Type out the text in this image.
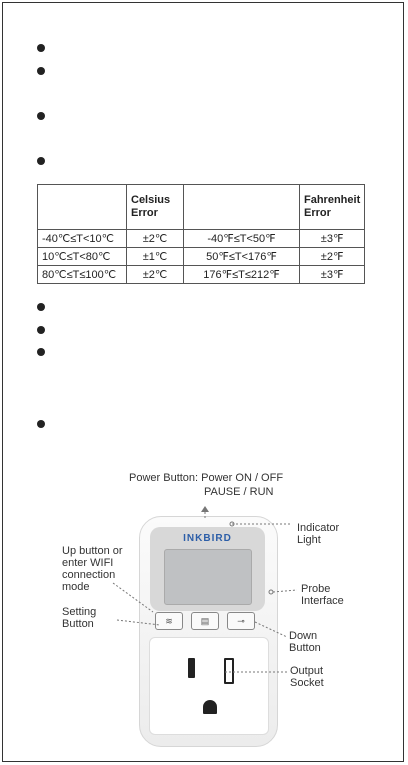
	Celsius Error		Fahrenheit Error
-40℃≤T<10℃	±2℃	-40℉≤T<50℉	±3℉
10℃≤T<80℃	±1℃	50℉≤T<176℉	±2℉
80℃≤T≤100℃	±2℃	176℉≤T≤212℉	±3℉
Power Button: Power ON / OFF
PAUSE / RUN
Indicator
Light
Up button or
enter WIFI
connection
mode	Probe
Interface
Setting
Button
Down
Button
Output
Socket
INKBIRD
≋	▤	⊸
